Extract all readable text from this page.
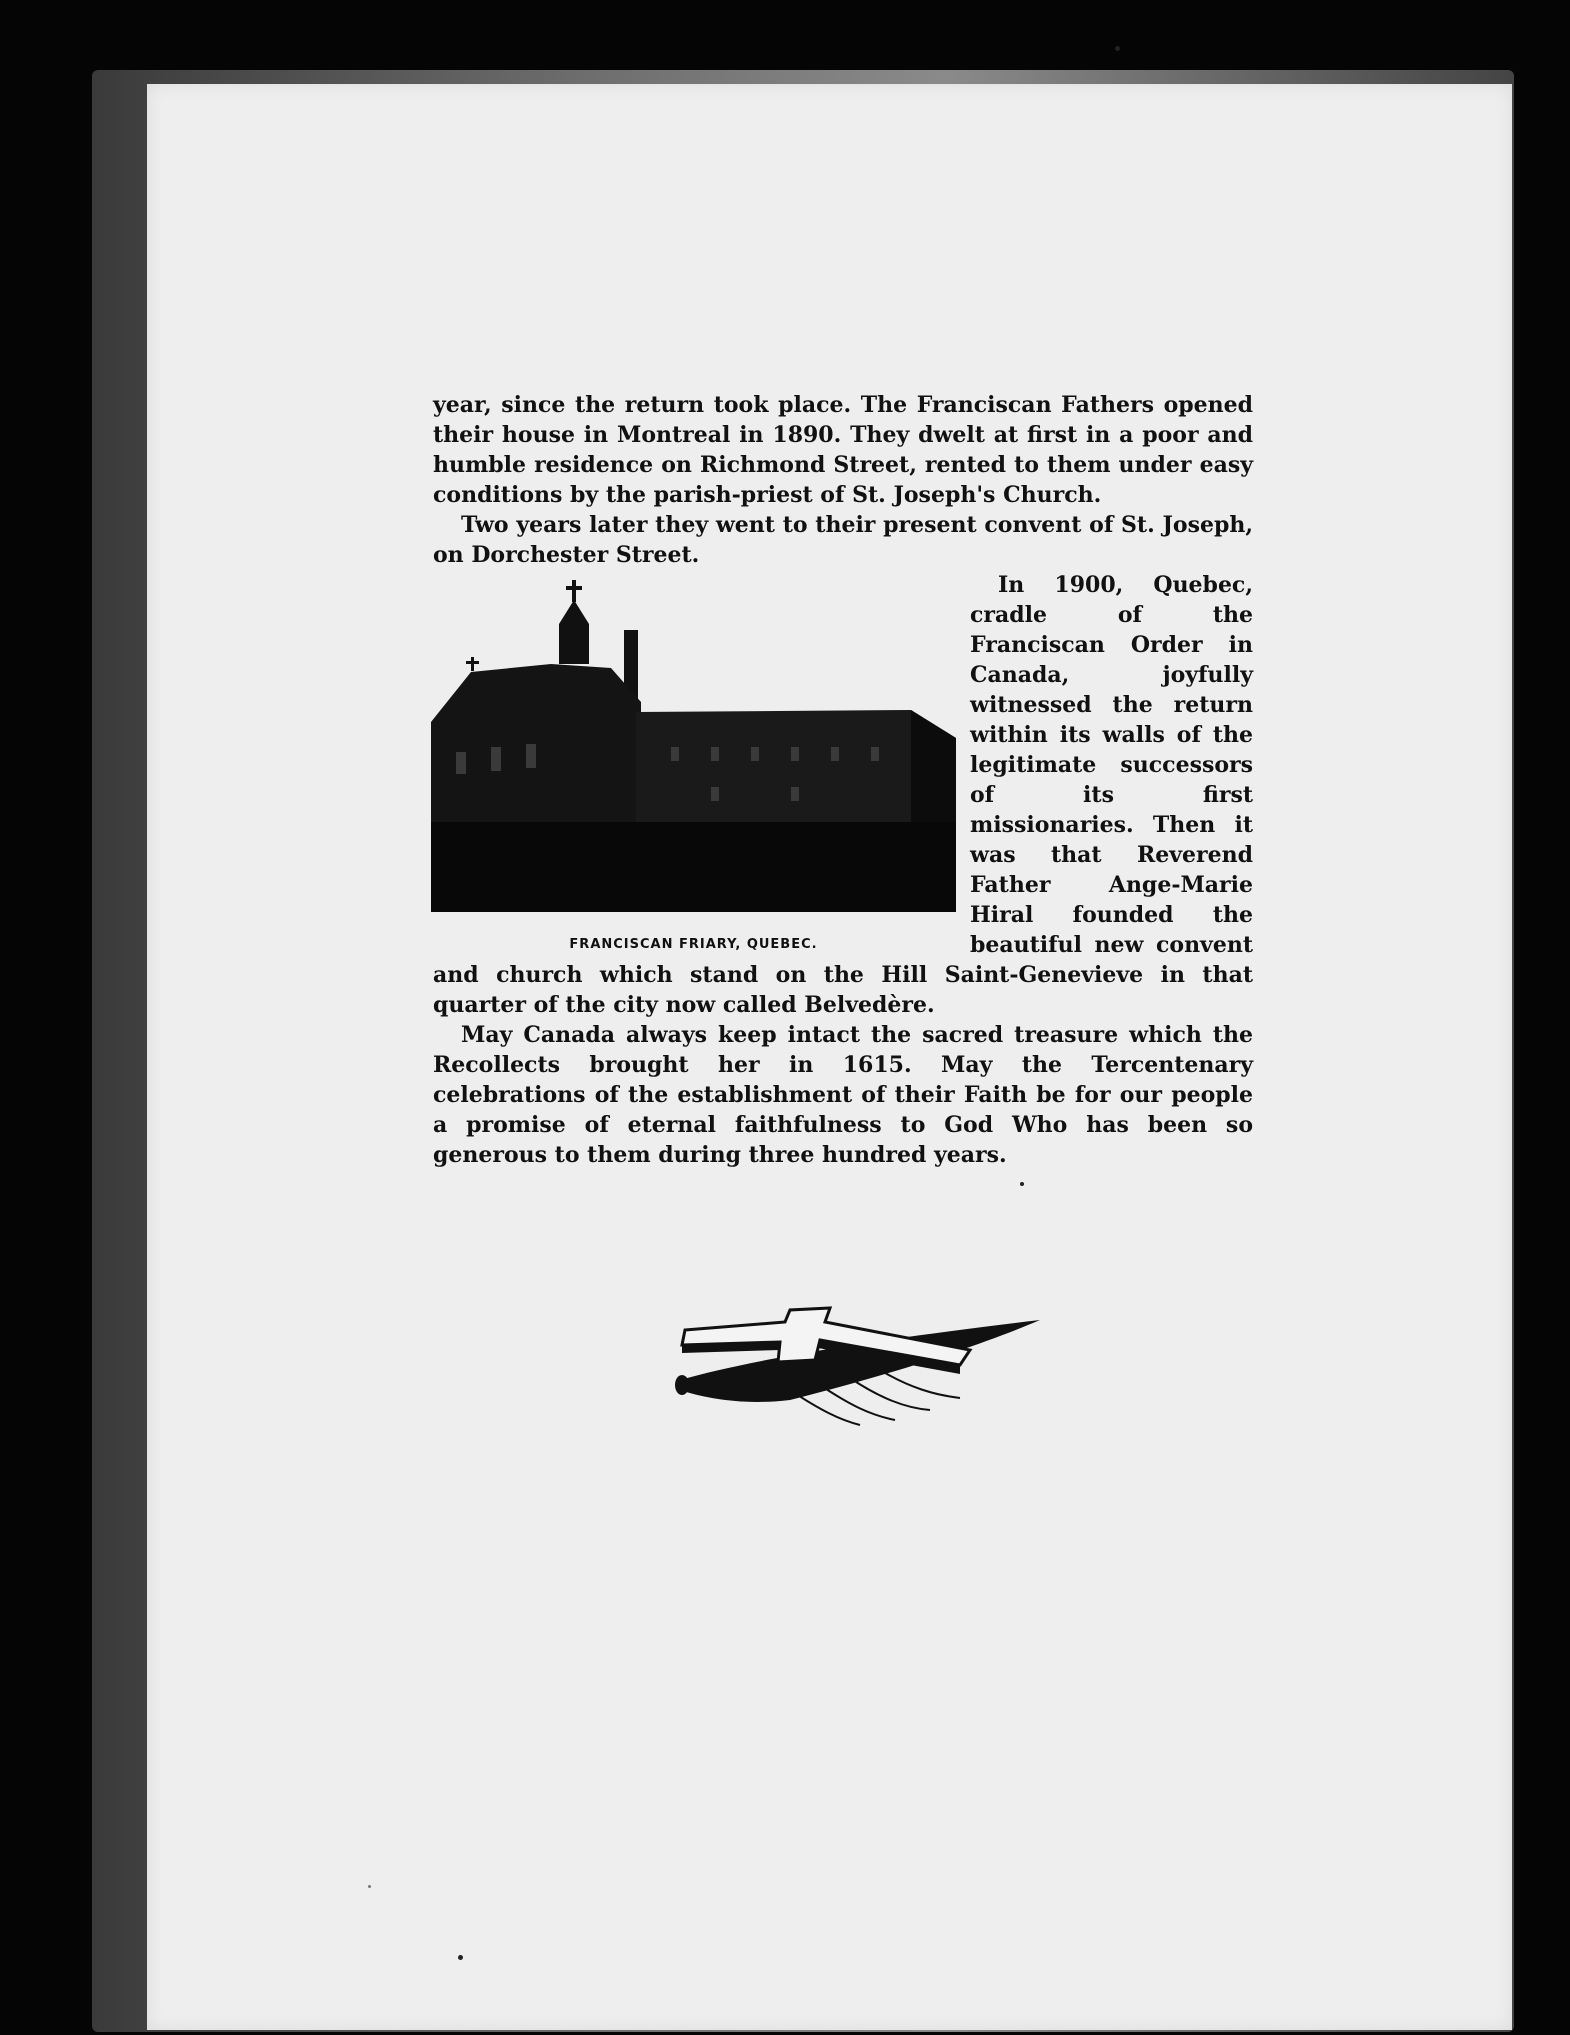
year, since the return took place. The Franciscan Fathers opened their house in Montreal in 1890. They dwelt at first in a poor and humble residence on Richmond Street, rented to them under easy conditions by the parish-priest of St. Joseph's Church.

Two years later they went to their present convent of St. Joseph, on Dorchester Street.

FRANCISCAN FRIARY, QUEBEC.

In 1900, Quebec, cradle of the Franciscan Order in Canada, joyfully witnessed the return within its walls of the legitimate successors of its first missionaries. Then it was that Reverend Father Ange-Marie Hiral founded the beautiful new convent and church which stand on the Hill Saint-Genevieve in that quarter of the city now called Belvedère.

May Canada always keep intact the sacred treasure which the Recollects brought her in 1615. May the Tercentenary celebrations of the establishment of their Faith be for our people a promise of eternal faithfulness to God Who has been so generous to them during three hundred years.
